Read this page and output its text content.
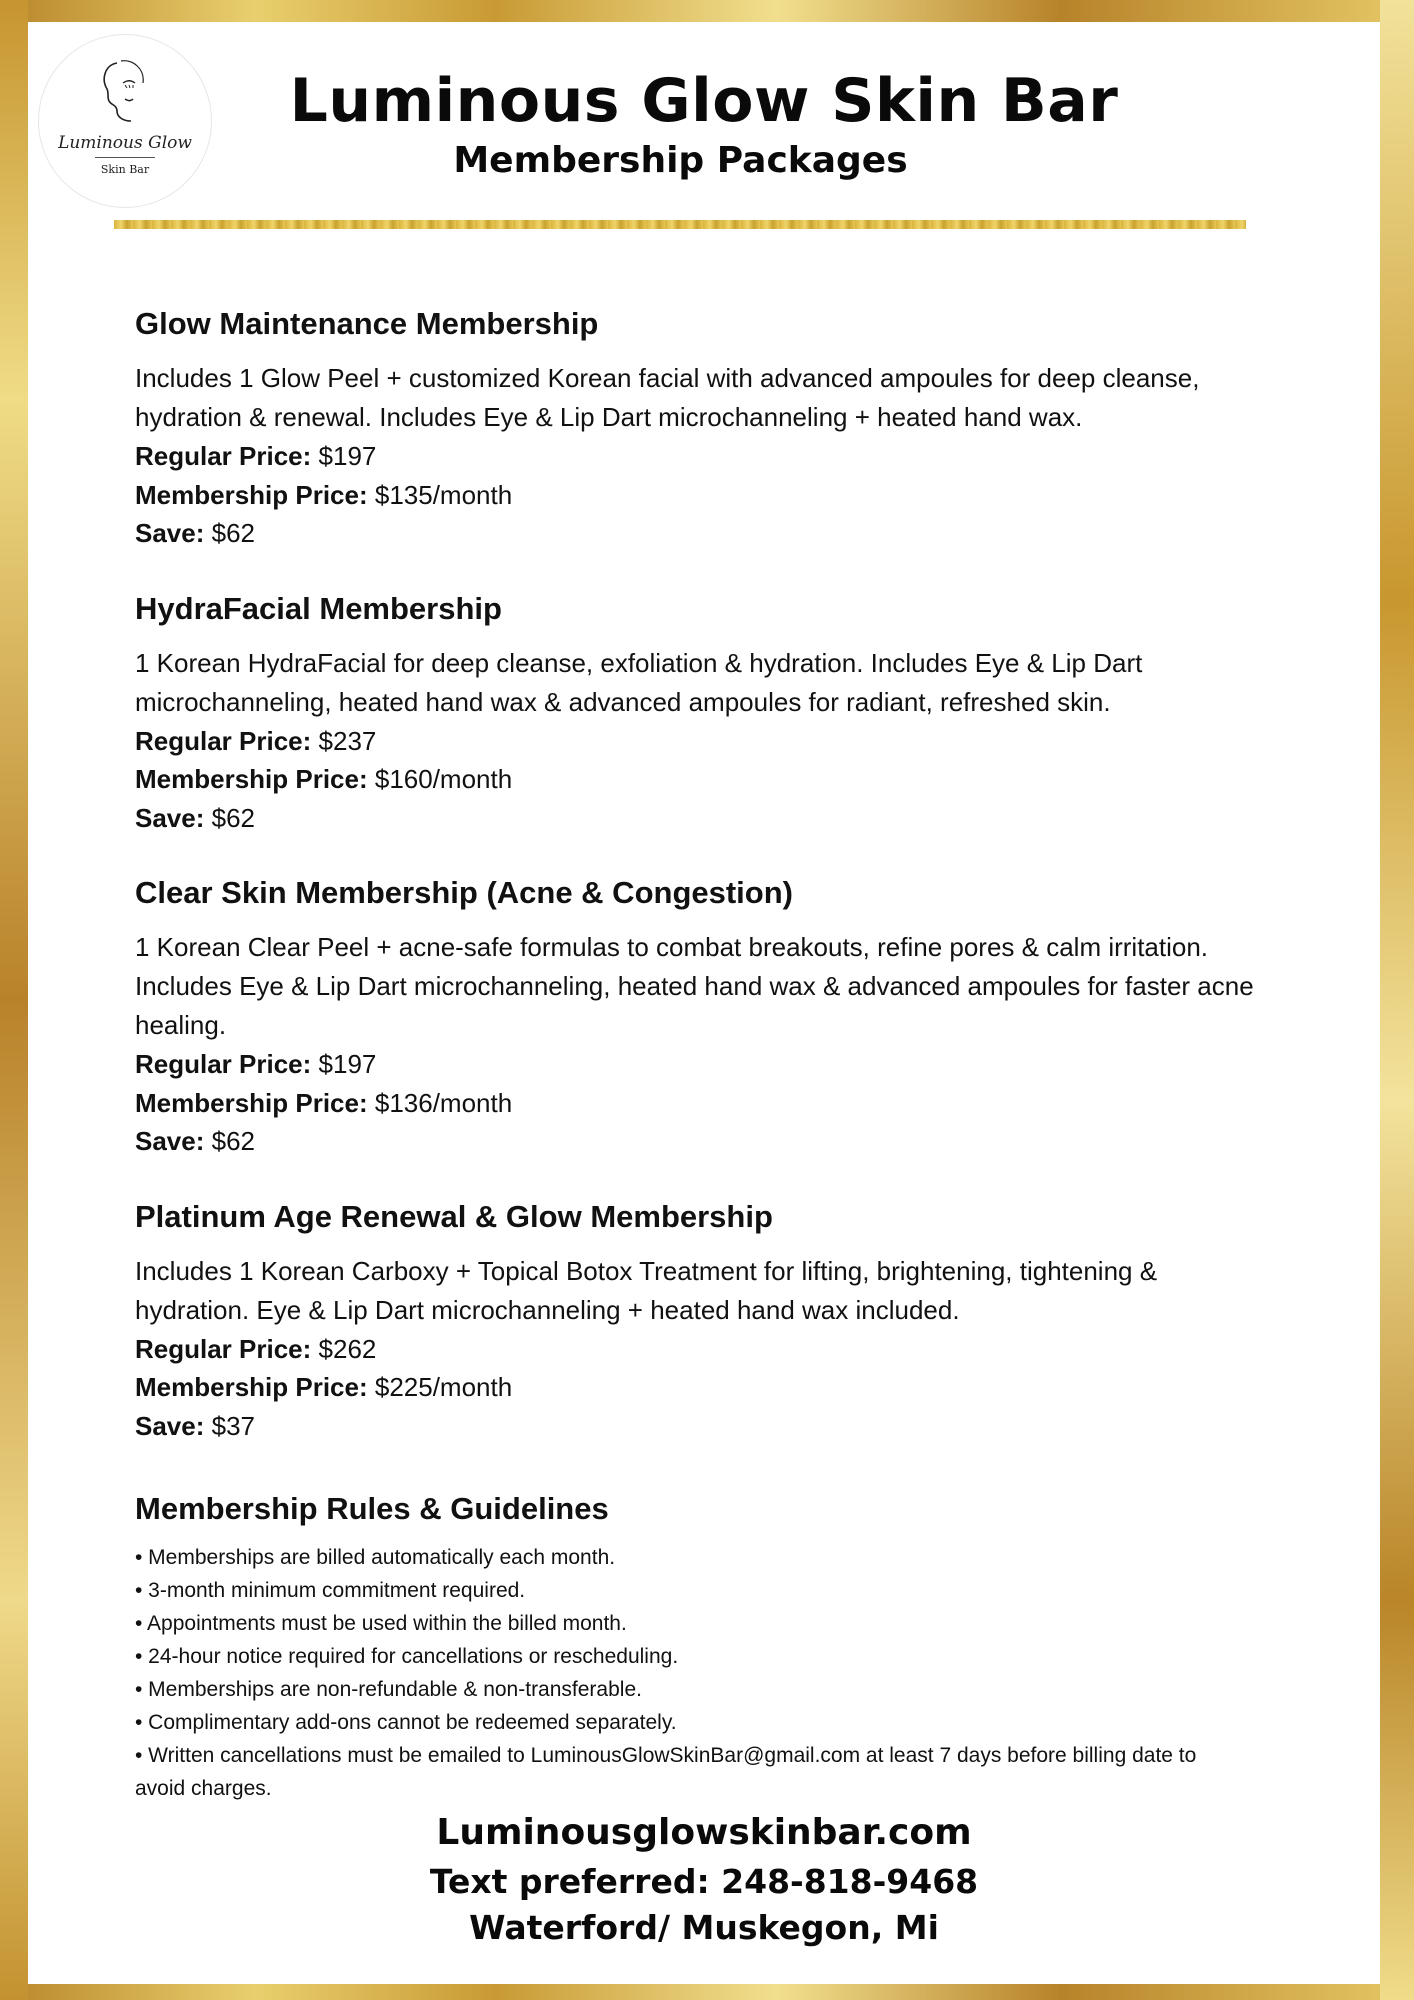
Luminous Glow
Skin Bar
Luminous Glow Skin Bar
Membership Packages
Glow Maintenance Membership

Includes 1 Glow Peel + customized Korean facial with advanced ampoules for deep cleanse,

hydration & renewal. Includes Eye & Lip Dart microchanneling + heated hand wax.

Regular Price: $197
Membership Price: $135/month
Save: $62
HydraFacial Membership

1 Korean HydraFacial for deep cleanse, exfoliation & hydration. Includes Eye & Lip Dart

microchanneling, heated hand wax & advanced ampoules for radiant, refreshed skin.

Regular Price: $237
Membership Price: $160/month
Save: $62
Clear Skin Membership (Acne & Congestion)

1 Korean Clear Peel + acne-safe formulas to combat breakouts, refine pores & calm irritation.

Includes Eye & Lip Dart microchanneling, heated hand wax & advanced ampoules for faster acne

healing.

Regular Price: $197
Membership Price: $136/month
Save: $62
Platinum Age Renewal & Glow Membership

Includes 1 Korean Carboxy + Topical Botox Treatment for lifting, brightening, tightening &

hydration. Eye & Lip Dart microchanneling + heated hand wax included.

Regular Price: $262
Membership Price: $225/month
Save: $37
Membership Rules & Guidelines
• Memberships are billed automatically each month.
• 3-month minimum commitment required.
• Appointments must be used within the billed month.
• 24-hour notice required for cancellations or rescheduling.
• Memberships are non-refundable & non-transferable.
• Complimentary add-ons cannot be redeemed separately.
• Written cancellations must be emailed to LuminousGlowSkinBar@gmail.com at least 7 days before billing date to
avoid charges.
Luminousglowskinbar.com
Text preferred: 248-818-9468
Waterford/ Muskegon, Mi
